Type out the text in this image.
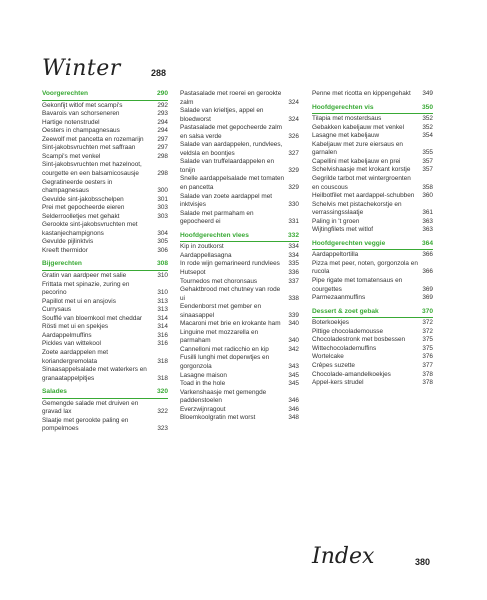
Winter	288
Voorgerechten	290
Gekonfijt witlof met scampi's	292
Bavarois van schorseneren	293
Hartige notenstrudel	294
Oesters in champagnesaus	294
Zeewolf met pancetta en rozemarijn	297
Sint-jakobsvruchten met saffraan	297
Scampi's met venkel	298
Sint-jakobsvruchten met hazelnoot, courgette en een balsamicosausje	298
Gegratineerde oesters in champagnesaus	300
Gevulde sint-jakobsschelpen	301
Prei met gepocheerde eieren	303
Selderroolletjes met gehakt	303
Gerookte sint-jakobsvruchten met kastanjechampignons	304
Gevulde pijlinktvis	305
Kreeft thermidor	306
Bijgerechten	308
Gratin van aardpeer met salie	310
Frittata met spinazie, zuring en pecorino	310
Papillot met ui en ansjovis	313
Currysaus	313
Soufflé van bloemkool met cheddar	314
Rösti met ui en spekjes	314
Aardappelmuffins	316
Pickles van wittekool	316
Zoete aardappelen met koriandergremolata	318
Sinaasappelsalade met waterkers en granaatappelpitjes	318
Salades	320
Gemengde salade met druiven en gravad lax	322
Slaatje met gerookte paling en pompelmoes	323
Pastasalade met roerei en gerookte zalm	324
Salade van krieltjes, appel en bloedworst	324
Pastasalade met gepocheerde zalm en salsa verde	326
Salade van aardappelen, rundvlees, veldsla en boontjes	327
Salade van truffelaardappelen en tonijn	329
Snelle aardappelsalade met tomaten en pancetta	329
Salade van zoete aardappel met inktvisjes	330
Salade met parmaham en gepocheerd ei	331
Hoofdgerechten vlees	332
Kip in zoutkorst	334
Aardappellasagna	334
In rode wijn gemarineerd rundvlees	335
Hutsepot	336
Tournedos met choronsaus	337
Gehaktbrood met chutney van rode ui	338
Eendenborst met gember en sinaasappel	339
Macaroni met brie en krokante ham	340
Linguine met mozzarella en parmaham	340
Cannelloni met radicchio en kip	342
Fusilli lunghi met doperwtjes en gorgonzola	343
Lasagne maison	345
Toad in the hole	345
Varkenshaasje met gemengde paddenstoelen	346
Everzwijnragout	346
Bloemkoolgratin met worst	348
Penne met ricotta en kippengehakt	349
Hoofdgerechten vis	350
Tilapia met mosterdsaus	352
Gebakken kabeljauw met venkel	352
Lasagne met kabeljauw	354
Kabeljauw met zure eiersaus en garnalen	355
Capellini met kabeljauw en prei	357
Schelvishaasje met krokant korstje	357
Gegrilde tarbot met wintergroenten en couscous	358
Heilbotfilet met aardappel-schubben	360
Schelvis met pistachekorstje en verrassingsslaatje	361
Paling in 't groen	363
Wijtingfilets met witlof	363
Hoofdgerechten veggie	364
Aardappeltortilla	366
Pizza met peer, noten, gorgonzola en rucola	366
Pipe rigate met tomatensaus en courgettes	369
Parmezaanmuffins	369
Dessert & zoet gebak	370
Boterkoekjes	372
Pittige chocolademousse	372
Chocoladestronk met bosbessen	375
Wittechocolademuffins	375
Wortelcake	376
Crêpes suzette	377
Chocolade-amandelkoekjes	378
Appel-kers strudel	378
Index	380
